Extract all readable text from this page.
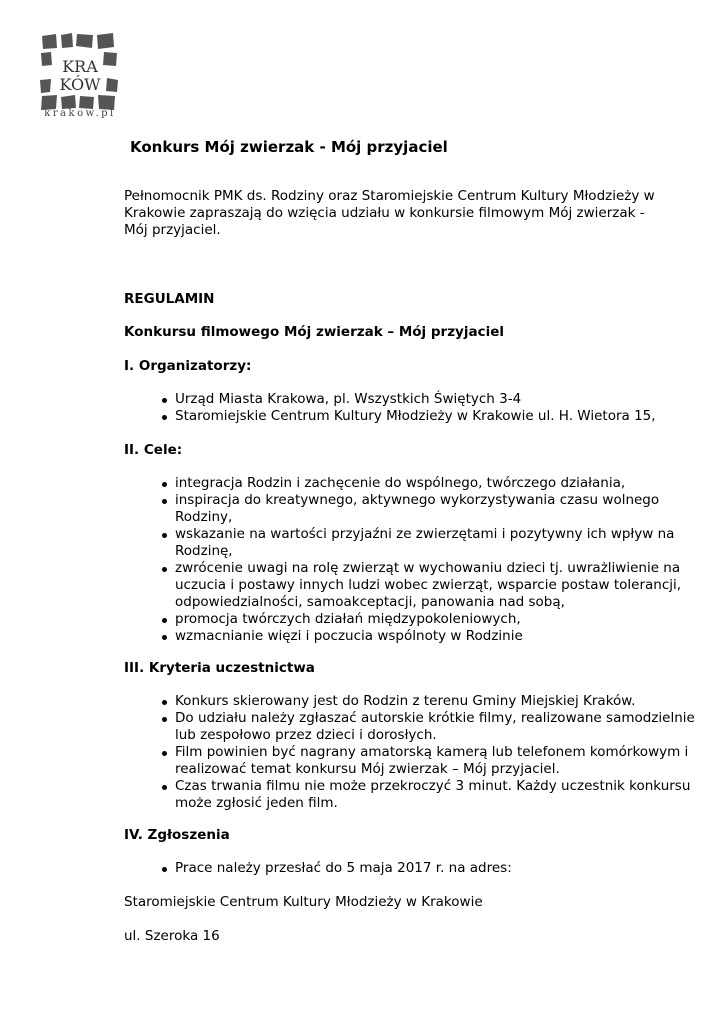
KRA
KÓW
krakow.pl
Konkurs Mój zwierzak - Mój przyjaciel
Pełnomocnik PMK ds. Rodziny oraz Staromiejskie Centrum Kultury Młodzieży w Krakowie zapraszają do wzięcia udziału w konkursie filmowym Mój zwierzak - Mój przyjaciel.
REGULAMIN
Konkursu filmowego Mój zwierzak – Mój przyjaciel
I. Organizatorzy:
Urząd Miasta Krakowa, pl. Wszystkich Świętych 3-4
Staromiejskie Centrum Kultury Młodzieży w Krakowie ul. H. Wietora 15,
II. Cele:
integracja Rodzin i zachęcenie do wspólnego, twórczego działania,
inspiracja do kreatywnego, aktywnego wykorzystywania czasu wolnego Rodziny,
wskazanie na wartości przyjaźni ze zwierzętami i pozytywny ich wpływ na Rodzinę,
zwrócenie uwagi na rolę zwierząt w wychowaniu dzieci tj. uwrażliwienie na uczucia i postawy innych ludzi wobec zwierząt, wsparcie postaw tolerancji, odpowiedzialności, samoakceptacji, panowania nad sobą,
promocja twórczych działań międzypokoleniowych,
wzmacnianie więzi i poczucia wspólnoty w Rodzinie
III. Kryteria uczestnictwa
Konkurs skierowany jest do Rodzin z terenu Gminy Miejskiej Kraków.
Do udziału należy zgłaszać autorskie krótkie filmy, realizowane samodzielnie lub zespołowo przez dzieci i dorosłych.
Film powinien być nagrany amatorską kamerą lub telefonem komórkowym i realizować temat konkursu Mój zwierzak – Mój przyjaciel.
Czas trwania filmu nie może przekroczyć 3 minut. Każdy uczestnik konkursu może zgłosić jeden film.
IV. Zgłoszenia
Prace należy przesłać do 5 maja 2017 r. na adres:
Staromiejskie Centrum Kultury Młodzieży w Krakowie
ul. Szeroka 16
